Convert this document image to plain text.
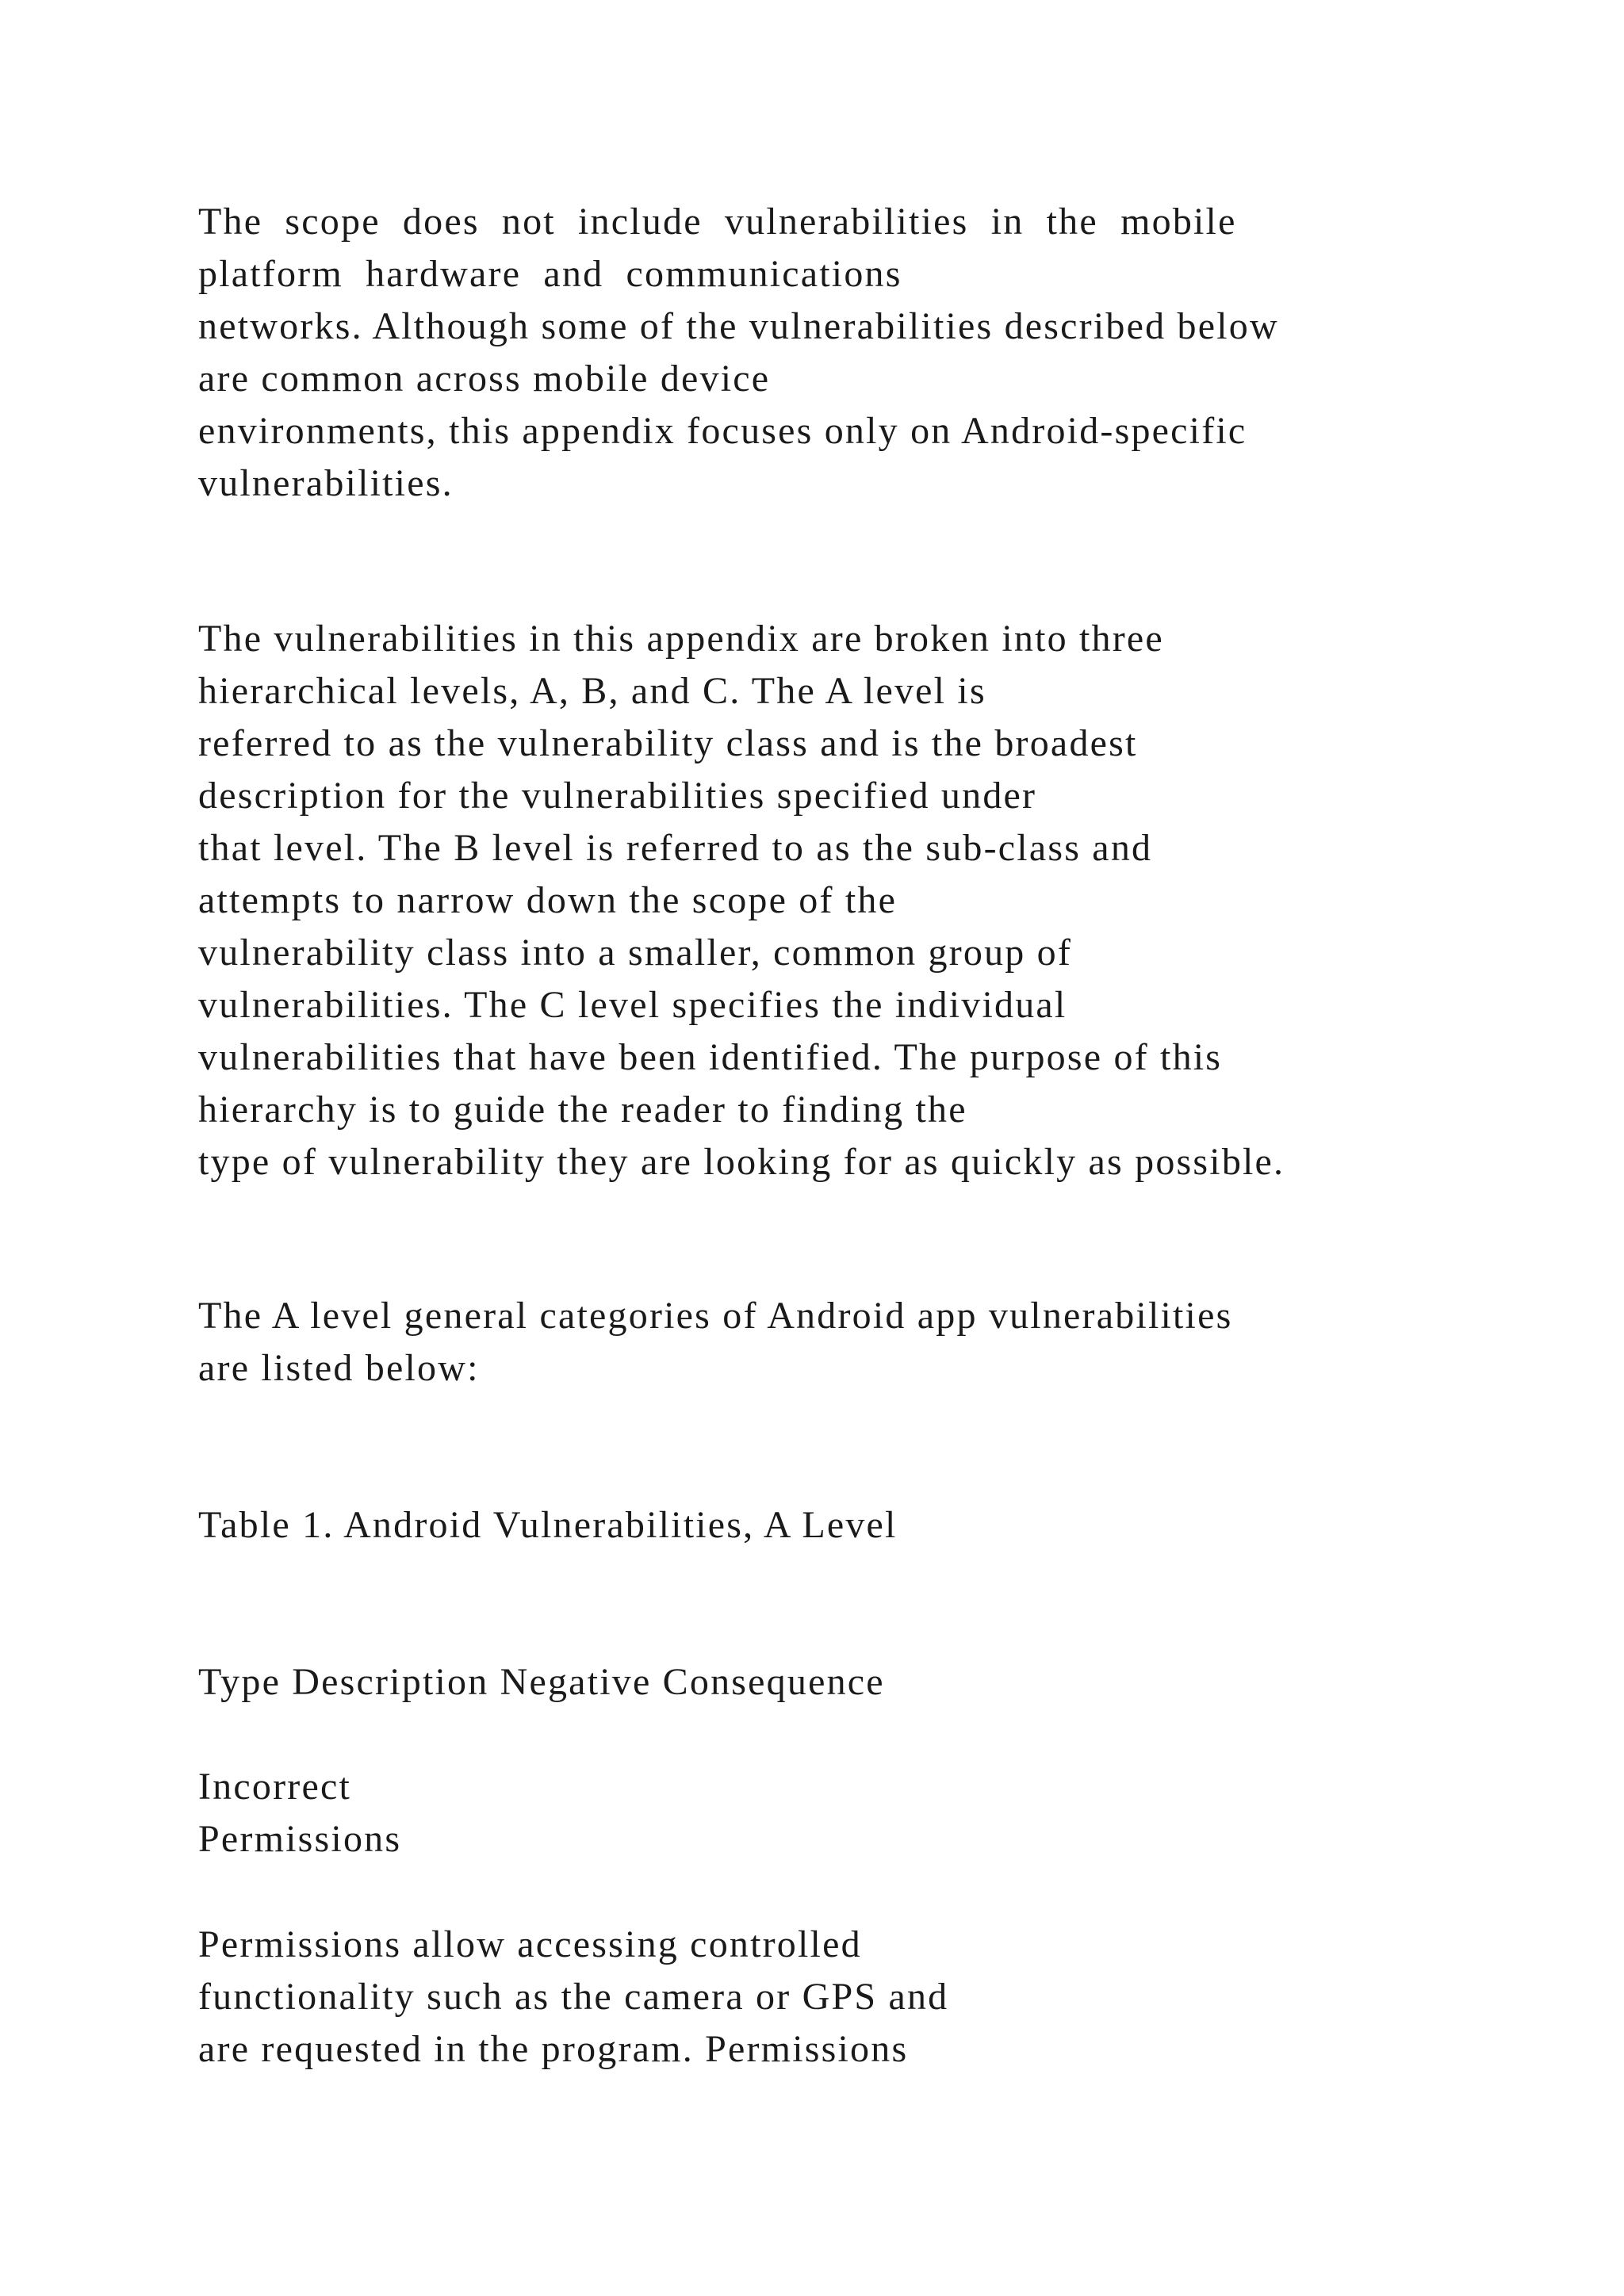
The scope does not include vulnerabilities in the mobile
platform hardware and communications
networks. Although some of the vulnerabilities described below
are common across mobile device
environments, this appendix focuses only on Android-specific
vulnerabilities.
The vulnerabilities in this appendix are broken into three
hierarchical levels, A, B, and C. The A level is
referred to as the vulnerability class and is the broadest
description for the vulnerabilities specified under
that level. The B level is referred to as the sub-class and
attempts to narrow down the scope of the
vulnerability class into a smaller, common group of
vulnerabilities. The C level specifies the individual
vulnerabilities that have been identified. The purpose of this
hierarchy is to guide the reader to finding the
type of vulnerability they are looking for as quickly as possible.
The A level general categories of Android app vulnerabilities
are listed below:
Table 1. Android Vulnerabilities, A Level
Type Description Negative Consequence
Incorrect
Permissions
Permissions allow accessing controlled
functionality such as the camera or GPS and
are requested in the program. Permissions
